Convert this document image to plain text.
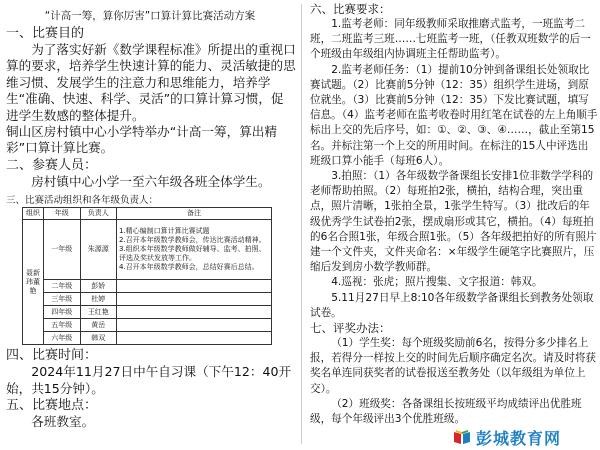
“计高一筹，算你厉害”口算计算比赛活动方案
一、比赛目的
为了落实好新《数学课程标准》所提出的重视口算的要求，培养学生快速计算的能力、灵活敏捷的思维习惯、发展学生的注意力和思维能力，培养学生“准确、快速、科学、灵活”的口算计算习惯，促进学生数感的整体提升。
铜山区房村镇中心小学特举办“计高一筹，算出精彩”口算计算比赛。
二、参赛人员：
房村镇中心小学一至六年级各班全体学生。
三、比赛活动组织和各年级负责人：
组织	年级	负责人	备注
聂新玮董艳	一年级	朱源源	1.精心编制口算计算比赛试题
2.召开本年级数学教师会，传达比赛活动精神。
3.组织本年级数学教师做好辅导、监考、拍照、评选及奖状发放等工作。
4.召开本年级数学教师会，总结好赛后总结。

	二年级	彭娇	
	三年级	杜婷	
	四年级	王红艳	
	五年级	黄岳	
	六年级	韩双	
四、比赛时间：
2024年11月27日中午自习课（下午12：40开始，共15分钟）。
五、比赛地点：
各班教室。
六、比赛要求：
1.监考老师：同年级教师采取推磨式监考，一班监考二班，二班监考三班……七班监考一班，（任教双班数学的后一个班级由年级组内协调班主任帮助监考）。
2.监考老师任务：（1）提前10分钟到备课组长处领取比赛试题。（2）比赛前5分钟（12：35）组织学生进场，到原位就坐。（3）比赛前5分钟（12：35）下发比赛试题，填写信息。（4）监考老师在监考收卷时用红笔在试卷的左上角顺手标出上交的先后序号，如：①、②、③、④……，截止至第15名。并标注第一个上交的所用时间。在标注的15人中评选出班级口算小能手（每班6人）。
3.拍照：（1）各年级数学备课组长安排1位非数学学科的老师帮助拍照。（2）每班拍2张，横拍，结构合理，突出重点，照片清晰，1张拍全景，1张学生特写。（3）批改后的年级优秀学生试卷拍2张，摆成扇形或其它，横拍。（4）每班拍的6名合照1张，年级合照1张。（5）各年级把拍好的所有照片建一个文件夹，文件夹命名：×年级学生硬笔字比赛照片，压缩后发到房小数学教师群。
4.巡视：张虎；照片搜集、文字报道：韩双。
5.11月27日早上8:10各年级数学备课组长到教务处领取试卷。
七、评奖办法：
（1）学生奖：每个班级奖励前6名，按得分多少排名上报，若得分一样按上交的时间先后顺序确定名次。请及时将获奖名单连同获奖者的试卷报送至教务处（以年级组为单位上交）。
（2）班级奖：各备课组长按班级平均成绩评出优胜班级，每个年级评出3个优胜班级。
彭城教育网
